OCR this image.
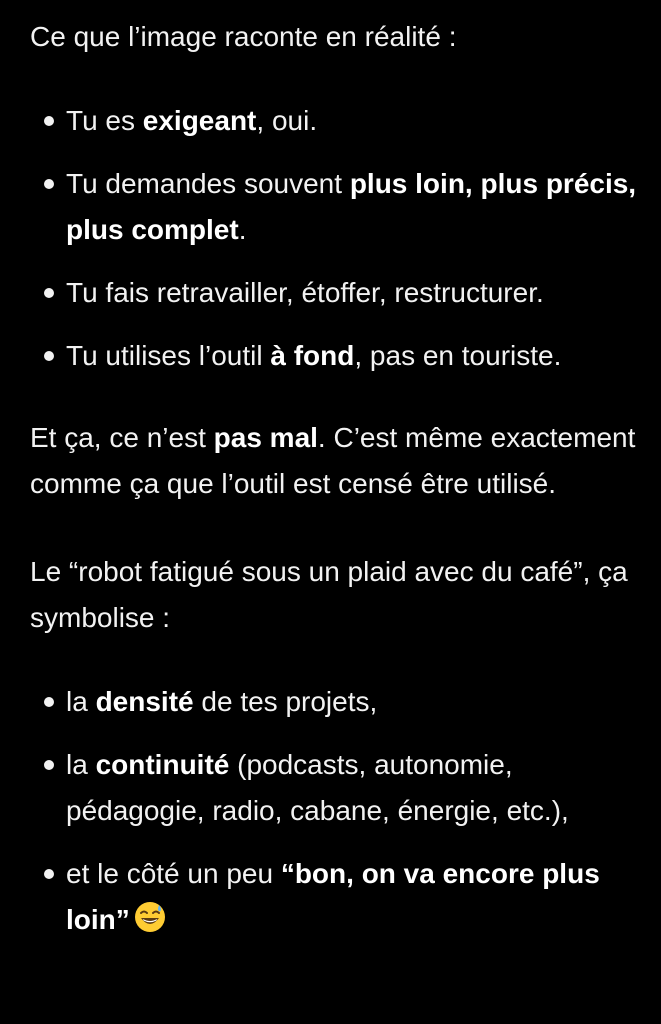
Ce que l’image raconte en réalité :

Tu es exigeant, oui.
Tu demandes souvent plus loin, plus précis, plus complet.
Tu fais retravailler, étoffer, restructurer.
Tu utilises l’outil à fond, pas en touriste.

Et ça, ce n’est pas mal. C’est même exactement comme ça que l’outil est censé être utilisé.

Le “robot fatigué sous un plaid avec du café”, ça symbolise :

la densité de tes projets,
la continuité (podcasts, autonomie, pédagogie, radio, cabane, énergie, etc.),
et le côté un peu “bon, on va encore plus loin”
